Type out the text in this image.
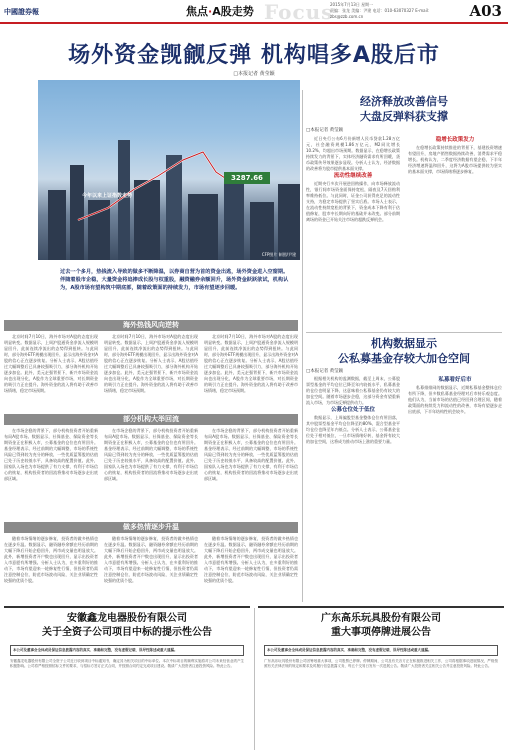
中國證券報	焦点·A股走势 Focus
2015年7月13日 星期一
责编：张龙 美编：尹建 电话：010-63070327 E-mail：zbs@zzb.com.cn	A03
场外资金觊觎反弹 机构唱多A股后市
□本报记者 黄莹颖
今年以来上证指数走势
3287.66
CFP图片 制图/尹建
经济释放改善信号
大盘反弹料获支撑
□本报记者 黄莹颖

近日央行公布6月份新增人民币贷款1.28万亿元，社会融资规模1.86万亿元，M2同比增长10.2%，均超出市场预期。数据显示，在稳增长政策持续发力的背景下，实体经济融资需求有所回暖，货币政策传导效果逐步显现。分析人士认为，经济数据的改善将为股市提供基本面支撑。

流动性继续改善

近期央行多次开展逆回购操作，向市场释放流动性，银行间市场资金面保持宽松，隔夜及7天回购利率维持低位。与此同时，证金公司获得充足的流动性支持，为稳定市场提供了坚实后盾。市场人士表示，在流动性持续宽松的背景下，资金成本下降有利于估值修复，股市中长期向好的基础并未改变。部分前期离场的资金已开始关注市场的超跌反弹机会。

稳增长政策发力

在稳增长政策持续推进的背景下，基建投资增速有望回升，房地产销售数据持续改善，消费需求平稳增长。机构认为，二季度经济数据有望企稳，下半年经济增速将温和回升，这将为A股市场提供较为坚实的基本面支撑，市场情绪将逐步修复。

过去一个多月，热钱流入导致的做多不断降温，以券商自营为首的资金出逃，场外资金进入空窗期。伴随着股市企稳，大量资金将追捧成长股与权重股，融资融券余额回升，场外资金跃跃欲试，机构认为，A股市场有望构筑中期底部，随着政策面的持续发力，市场有望逐步回暖。
海外热钱风向逆转

北京时间7月10日，海外市场对A股的态度出现明显转变。数据显示，上周沪股通资金净流入规模明显回升，此前连续净流出的态势得到扭转。与此同时，部分海外ETF规模出现回升，显示出海外资金对A股的信心正在逐步恢复。分析人士表示，A股估值经过大幅调整后已具备较强吸引力，部分海外机构开始逐步加仓。此外，美元走强背景下，新兴市场资金流向也出现分化，A股作为全球重要市场，对长期资金的吸引力正在提升。海外资金的流入将有助于改善市场情绪，稳定市场预期。

北京时间7月10日，海外市场对A股的态度出现明显转变。数据显示，上周沪股通资金净流入规模明显回升，此前连续净流出的态势得到扭转。与此同时，部分海外ETF规模出现回升，显示出海外资金对A股的信心正在逐步恢复。分析人士表示，A股估值经过大幅调整后已具备较强吸引力，部分海外机构开始逐步加仓。此外，美元走强背景下，新兴市场资金流向也出现分化，A股作为全球重要市场，对长期资金的吸引力正在提升。海外资金的流入将有助于改善市场情绪，稳定市场预期。

北京时间7月10日，海外市场对A股的态度出现明显转变。数据显示，上周沪股通资金净流入规模明显回升，此前连续净流出的态势得到扭转。与此同时，部分海外ETF规模出现回升，显示出海外资金对A股的信心正在逐步恢复。分析人士表示，A股估值经过大幅调整后已具备较强吸引力，部分海外机构开始逐步加仓。此外，美元走强背景下，新兴市场资金流向也出现分化，A股作为全球重要市场，对长期资金的吸引力正在提升。海外资金的流入将有助于改善市场情绪，稳定市场预期。

部分机构大举回流

在市场企稳的背景下，部分机构投资者开始重新布局A股市场。数据显示，社保基金、保险资金等长期资金正在积极入市，公募基金的仓位也有所回升。基金经理表示，经过前期的大幅调整，市场的系统性风险已得到较为充分的释放，一些优质蓝筹股的估值已处于历史较低水平，具备较高的配置价值。此外，国家队入场也为市场提供了有力支撑，有利于市场信心的恢复，机构投资者的回流将推动市场逐步走出底部区域。

在市场企稳的背景下，部分机构投资者开始重新布局A股市场。数据显示，社保基金、保险资金等长期资金正在积极入市，公募基金的仓位也有所回升。基金经理表示，经过前期的大幅调整，市场的系统性风险已得到较为充分的释放，一些优质蓝筹股的估值已处于历史较低水平，具备较高的配置价值。此外，国家队入场也为市场提供了有力支撑，有利于市场信心的恢复，机构投资者的回流将推动市场逐步走出底部区域。

在市场企稳的背景下，部分机构投资者开始重新布局A股市场。数据显示，社保基金、保险资金等长期资金正在积极入市，公募基金的仓位也有所回升。基金经理表示，经过前期的大幅调整，市场的系统性风险已得到较为充分的释放，一些优质蓝筹股的估值已处于历史较低水平，具备较高的配置价值。此外，国家队入场也为市场提供了有力支撑，有利于市场信心的恢复，机构投资者的回流将推动市场逐步走出底部区域。

做多热情逐步升温

随着市场情绪的逐步修复，投资者的做多热情也在逐步升温。数据显示，融资融券余额在经历前期的大幅下降后开始企稳回升，两市成交量也明显放大。此外，新增投资者开户数也出现回升，显示出投资者入市意愿有所增强。分析人士认为，在多重利好的推动下，市场有望迎来一轮修复性行情，但投资者仍需注意控制仓位，防范市场波动风险，关注业绩确定性较强的优质个股。

随着市场情绪的逐步修复，投资者的做多热情也在逐步升温。数据显示，融资融券余额在经历前期的大幅下降后开始企稳回升，两市成交量也明显放大。此外，新增投资者开户数也出现回升，显示出投资者入市意愿有所增强。分析人士认为，在多重利好的推动下，市场有望迎来一轮修复性行情，但投资者仍需注意控制仓位，防范市场波动风险，关注业绩确定性较强的优质个股。

随着市场情绪的逐步修复，投资者的做多热情也在逐步升温。数据显示，融资融券余额在经历前期的大幅下降后开始企稳回升，两市成交量也明显放大。此外，新增投资者开户数也出现回升，显示出投资者入市意愿有所增强。分析人士认为，在多重利好的推动下，市场有望迎来一轮修复性行情，但投资者仍需注意控制仓位，防范市场波动风险，关注业绩确定性较强的优质个股。

机构数据显示
公私募基金存较大加仓空间
□本报记者 黄莹颖

根据相关机构的监测数据，截至上周末，公募股票型基金的平均仓位已降至年内较低水平，私募基金的仓位也明显下降，这意味着公私募基金仍有较大的加仓空间。随着市场逐步企稳，这部分资金有望重新流入市场，为市场反弹提供动力。

公募仓位处于低位

数据显示，上周偏股型基金整体仓位有所回落，其中股票型基金平均仓位降至约80%，混合型基金平均仓位也降至年内低点。分析人士表示，公募基金仓位处于相对低位，一旦市场情绪好转，基金将有较大的加仓空间，这将成为推动市场上涨的重要力量。

私募看好后市

私募排排网的数据显示，近期私募基金整体仓位有所下降，但多数私募基金经理对后市持乐观态度。他们认为，当前市场的估值已经回到合理区间，随着政策面的持续发力和流动性的改善，市场有望逐步走出底部，下半年结构性机会较多。

安徽鑫龙电器股份有限公司
关于全资子公司项目中标的提示性公告
本公司及董事会全体成员保证信息披露内容的真实、准确和完整，没有虚假记载、误导性陈述或重大遗漏。
安徽鑫龙电器股份有限公司全资子公司近日收到项目中标通知书，确定其为相关项目的中标单位。本次中标项目的顺利实施将对公司未来经营业绩产生积极影响。公司将严格按照招标文件的要求，与招标方签订正式合同，并按照合同约定完成项目建设。敬请广大投资者注意投资风险。特此公告。
广东高乐玩具股份有限公司
重大事项停牌进展公告
本公司及董事会全体成员保证信息披露内容的真实、准确和完整，没有虚假记载、误导性陈述或重大遗漏。
广东高乐玩具股份有限公司因筹划重大事项，公司股票已停牌。停牌期间，公司及有关各方正在积极推进相关工作，公司将根据事项进展情况，严格按照有关法律法规的规定和要求及时履行信息披露义务，每五个交易日发布一次进展公告。敬请广大投资者关注相关公告并注意投资风险。特此公告。
